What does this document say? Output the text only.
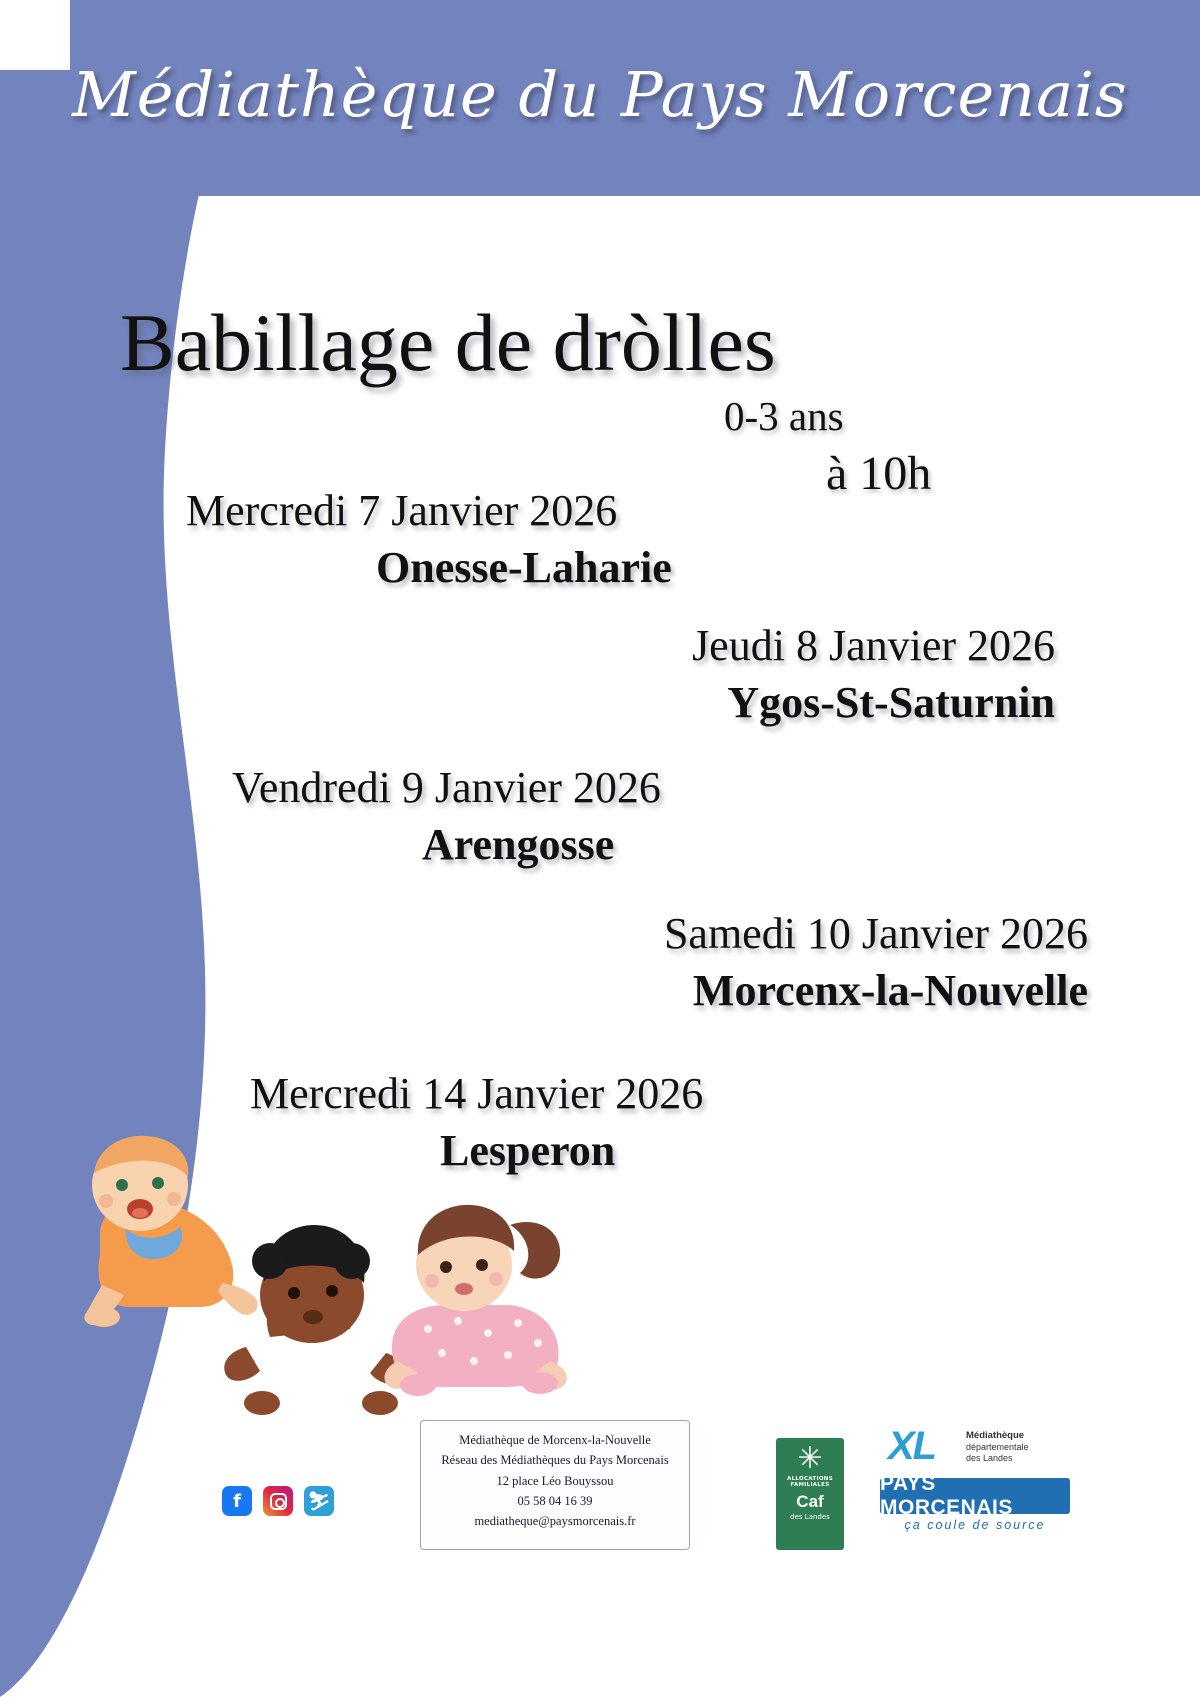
Médiathèque du Pays Morcenais
Babillage de dròlles
0-3 ans
à 10h
Mercredi 7 Janvier 2026
Onesse-Laharie
Jeudi 8 Janvier 2026
Ygos-St-Saturnin
Vendredi 9 Janvier 2026
Arengosse
Samedi 10 Janvier 2026
Morcenx-la-Nouvelle
Mercredi 14 Janvier 2026
Lesperon
Médiathèque de Morcenx-la-Nouvelle
Réseau des Médiathèques du Pays Morcenais
12 place Léo Bouyssou
05 58 04 16 39
mediatheque@paysmorcenais.fr
f	⛷
✳
ALLOCATIONS FAMILIALES
Caf
des Landes
XL	Médiathèque
départementale
des Landes
PAYS MORCENAIS
ça coule de source
